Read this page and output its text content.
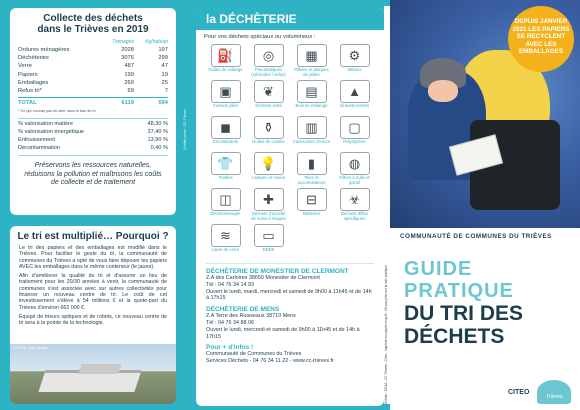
Collecte des déchets
dans le Trièves en 2019
Tonnages	Kg/hab/an
Ordures ménagères	2028	197
Déchèteries	3076	299
Verre	487	47
Papiers	199	19
Emballages	260	25
Refus tri*	69	7
TOTAL	6119	594
* Ce qui n'aurait pas dû aller dans le bac de tri
% valorisation matière	48,30 %
% valorisation énergétique	37,40 %
Enfouissement	13,90 %
Décontamination	0,40 %
Préservons les ressources naturelles, réduisons la pollution et maîtrisons les coûts de collecte et de traitement
Le tri est multiplié… Pourquoi ?
Le tri des papiers et des emballages est modifié dans le Trièves. Pour faciliter le geste du tri, la communauté de communes du Trièves a opté de vous faire déposer les papiers AVEC les emballages dans le même conteneur (le jaune).
Afin d'améliorer la qualité du tri et d'assurer un lieu de traitement pour les 20/30 années à venir, la communauté de communes s'est associée avec sur autres collectivités pour financer un nouveau centre de tri. Le coût de cet investissement s'élève à 54 millions € et la quote-part du Trièves d'environ 662 000 €.
Équipé de trieurs optiques et de robots, ce nouveau centre de tri sera à la pointe de la technologie.
© ECSA, Vrac Jeunes
Crédits photo : CC Trièves
la DÉCHÈTERIE
Pour vos déchets spéciaux ou volumineux :
⛽
Huiles de vidange
◎
Pneumatiques (véhicules / vélos)
▦
Plâtres et plaques de plâtre
⚙
Métaux
▣
Cartons pliés
❦
Déchets verts
▤
Bois en mélange
▲
Gravats inertes
◼
Encombrants
⚱
Huiles de cuisine
▥
Cartouches d'encre
▢
Polystyrène
👕
Textiles
💡
Lampes et néons
▮
Piles et accumulateurs
◍
Filtres à huile et gazoil
◫
Électroménager
✚
Déchets d'activité de soins à risques
⊟
Batteries
☣
Déchets diffus spécifiques
≋
Laine de verre
▭
DEEE
DÉCHÈTERIE DE MONESTIER DE CLERMONT
Z.A des Carloires 38650 Monestier de Clermont
Tél : 04 76 34 14 93
Ouvert le lundi, mardi, mercredi et samedi de 9h00 à 11h45 et de 14h à 17h15
DÉCHÈTERIE DE MENS
Z.A Terre des Ruisseaux 38710 Mens
Tél : 04 76 34 88 06
Ouvert le lundi, mercredi et samedi de 9h00 à 11h45 et de 14h à 17h15
Pour + d'infos !
Communauté de Communes du Trièves
Services Déchets - 04 76 34 11 22 - www.cc-trieves.fr	Crédits : ECSA - CC Trièves - Citeo - Imprimé sur papier recyclé - Ne pas jeter sur la voie publique
DEPUIS JANVIER 2021 LES PAPIERS SE RECYCLENT AVEC LES EMBALLAGES
COMMUNAUTÉ DE COMMUNES DU TRIÈVES
GUIDE
PRATIQUE
DU TRI DES
DÉCHETS
CITEO
Trièves
